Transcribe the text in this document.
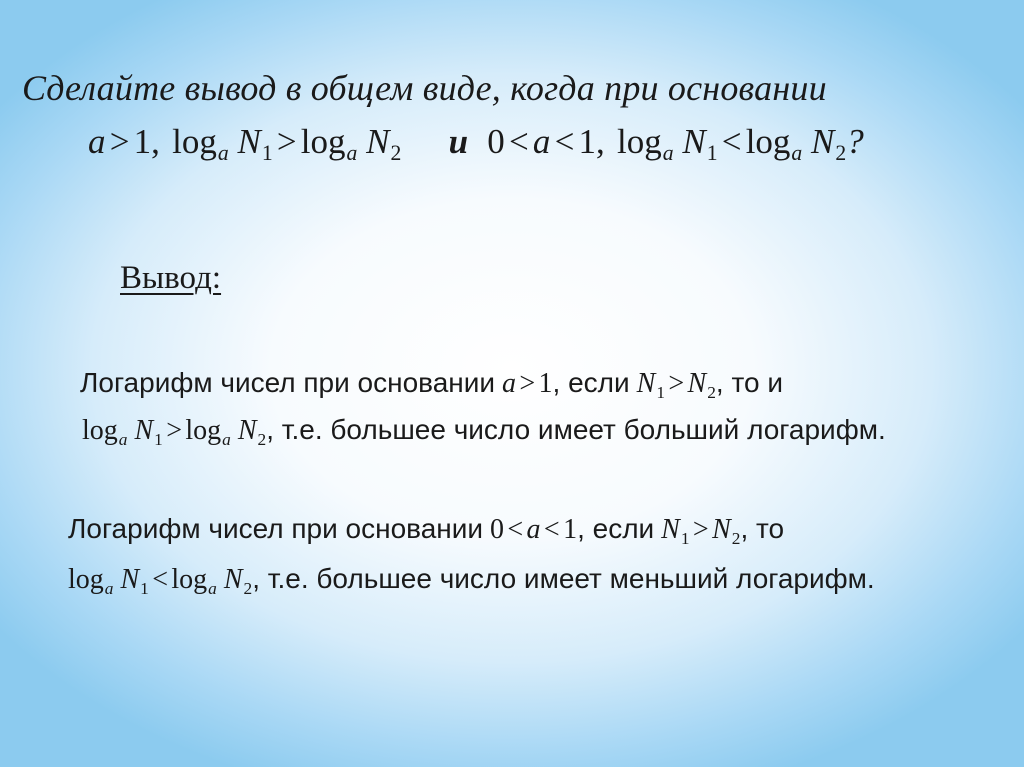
Сделайте вывод в общем виде, когда при основании
a > 1, $\log_a N1 > \log_a N2$ и 0 < a < 1, $\log_a N1 < \log_a N2$?
Вывод:
Логарифм чисел при основании a > 1, если N1 > N2, то и
$\log_a N1 > \log_a N2$, т.е. большее число имеет больший логарифм.
Логарифм чисел при основании 0 < a < 1, если N1 > N2, то
$\log_a N1 < \log_a N2$, т.е. большее число имеет меньший логарифм.
